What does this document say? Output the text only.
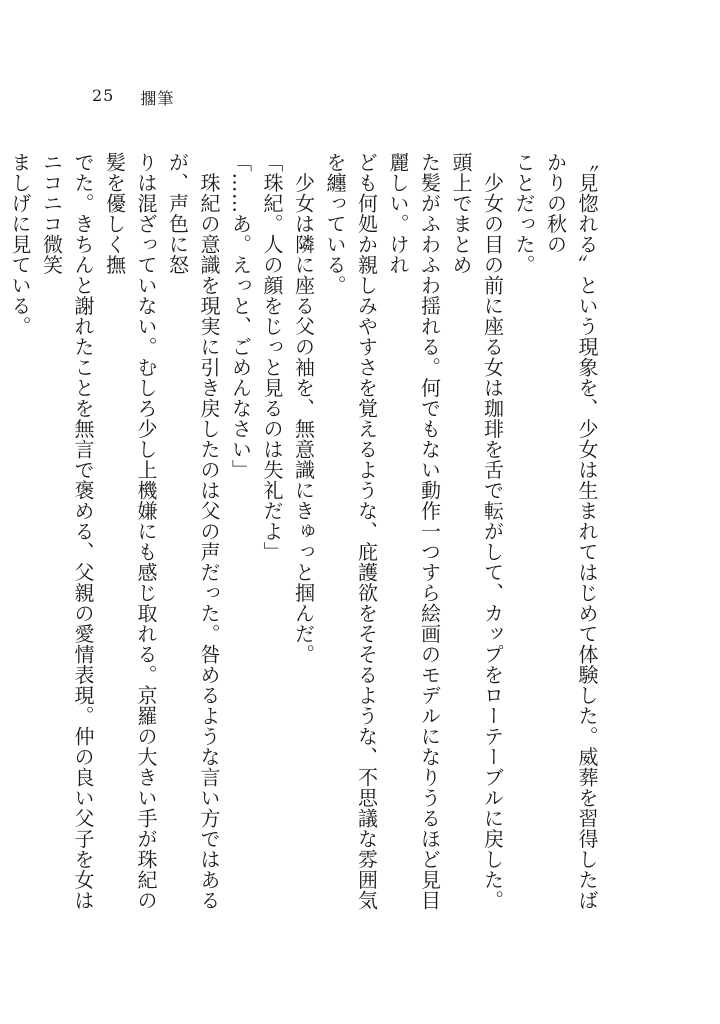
25 擱筆

〝見惚れる〟という現象を、少女は生まれてはじめて体験した。威葬を習得したばかりの秋の

ことだった。

　少女の目の前に座る女は珈琲を舌で転がして、カップをローテーブルに戻した。頭上でまとめ

た髪がふわふわ揺れる。何でもない動作一つすら絵画のモデルになりうるほど見目麗しい。けれ

ども何処か親しみやすさを覚えるような、庇護欲をそそるような、不思議な雰囲気を纏っている。

　少女は隣に座る父の袖を、無意識にきゅっと掴んだ。

「珠紀。人の顔をじっと見るのは失礼だよ」

「……あ。えっと、ごめんなさい」

　珠紀の意識を現実に引き戻したのは父の声だった。咎めるような言い方ではあるが、声色に怒

りは混ざっていない。むしろ少し上機嫌にも感じ取れる。京羅の大きい手が珠紀の髪を優しく撫

でた。きちんと謝れたことを無言で褒める、父親の愛情表現。仲の良い父子を女はニコニコ微笑

ましげに見ている。
